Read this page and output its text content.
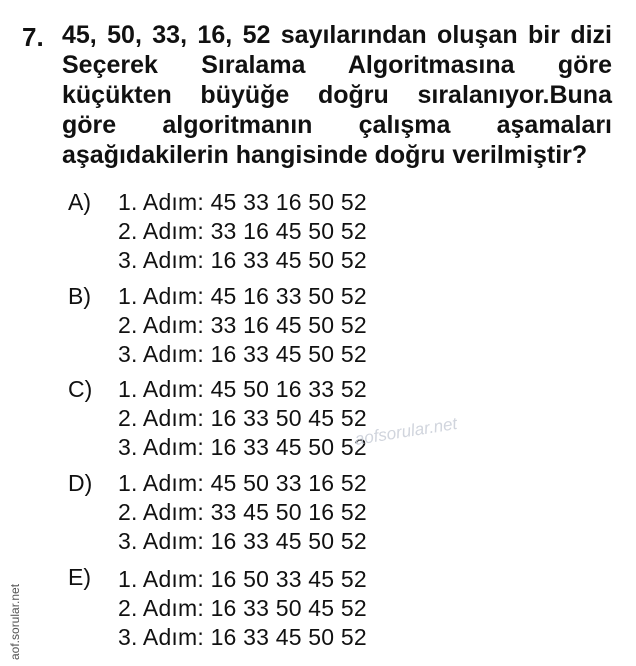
7. 45, 50, 33, 16, 52 sayılarından oluşan bir dizi
Seçerek Sıralama Algoritmasına göre
küçükten büyüğe doğru sıralanıyor.Buna
göre algoritmanın çalışma aşamaları
aşağıdakilerin hangisinde doğru verilmiştir?
A) 1. Adım: 45 33 16 50 52
2. Adım: 33 16 45 50 52
3. Adım: 16 33 45 50 52
B) 1. Adım: 45 16 33 50 52
2. Adım: 33 16 45 50 52
3. Adım: 16 33 45 50 52
C) 1. Adım: 45 50 16 33 52
2. Adım: 16 33 50 45 52
3. Adım: 16 33 45 50 52
D) 1. Adım: 45 50 33 16 52
2. Adım: 33 45 50 16 52
3. Adım: 16 33 45 50 52
E) 1. Adım: 16 50 33 45 52
2. Adım: 16 33 50 45 52
3. Adım: 16 33 45 50 52
aofsorular.net
aof.sorular.net
